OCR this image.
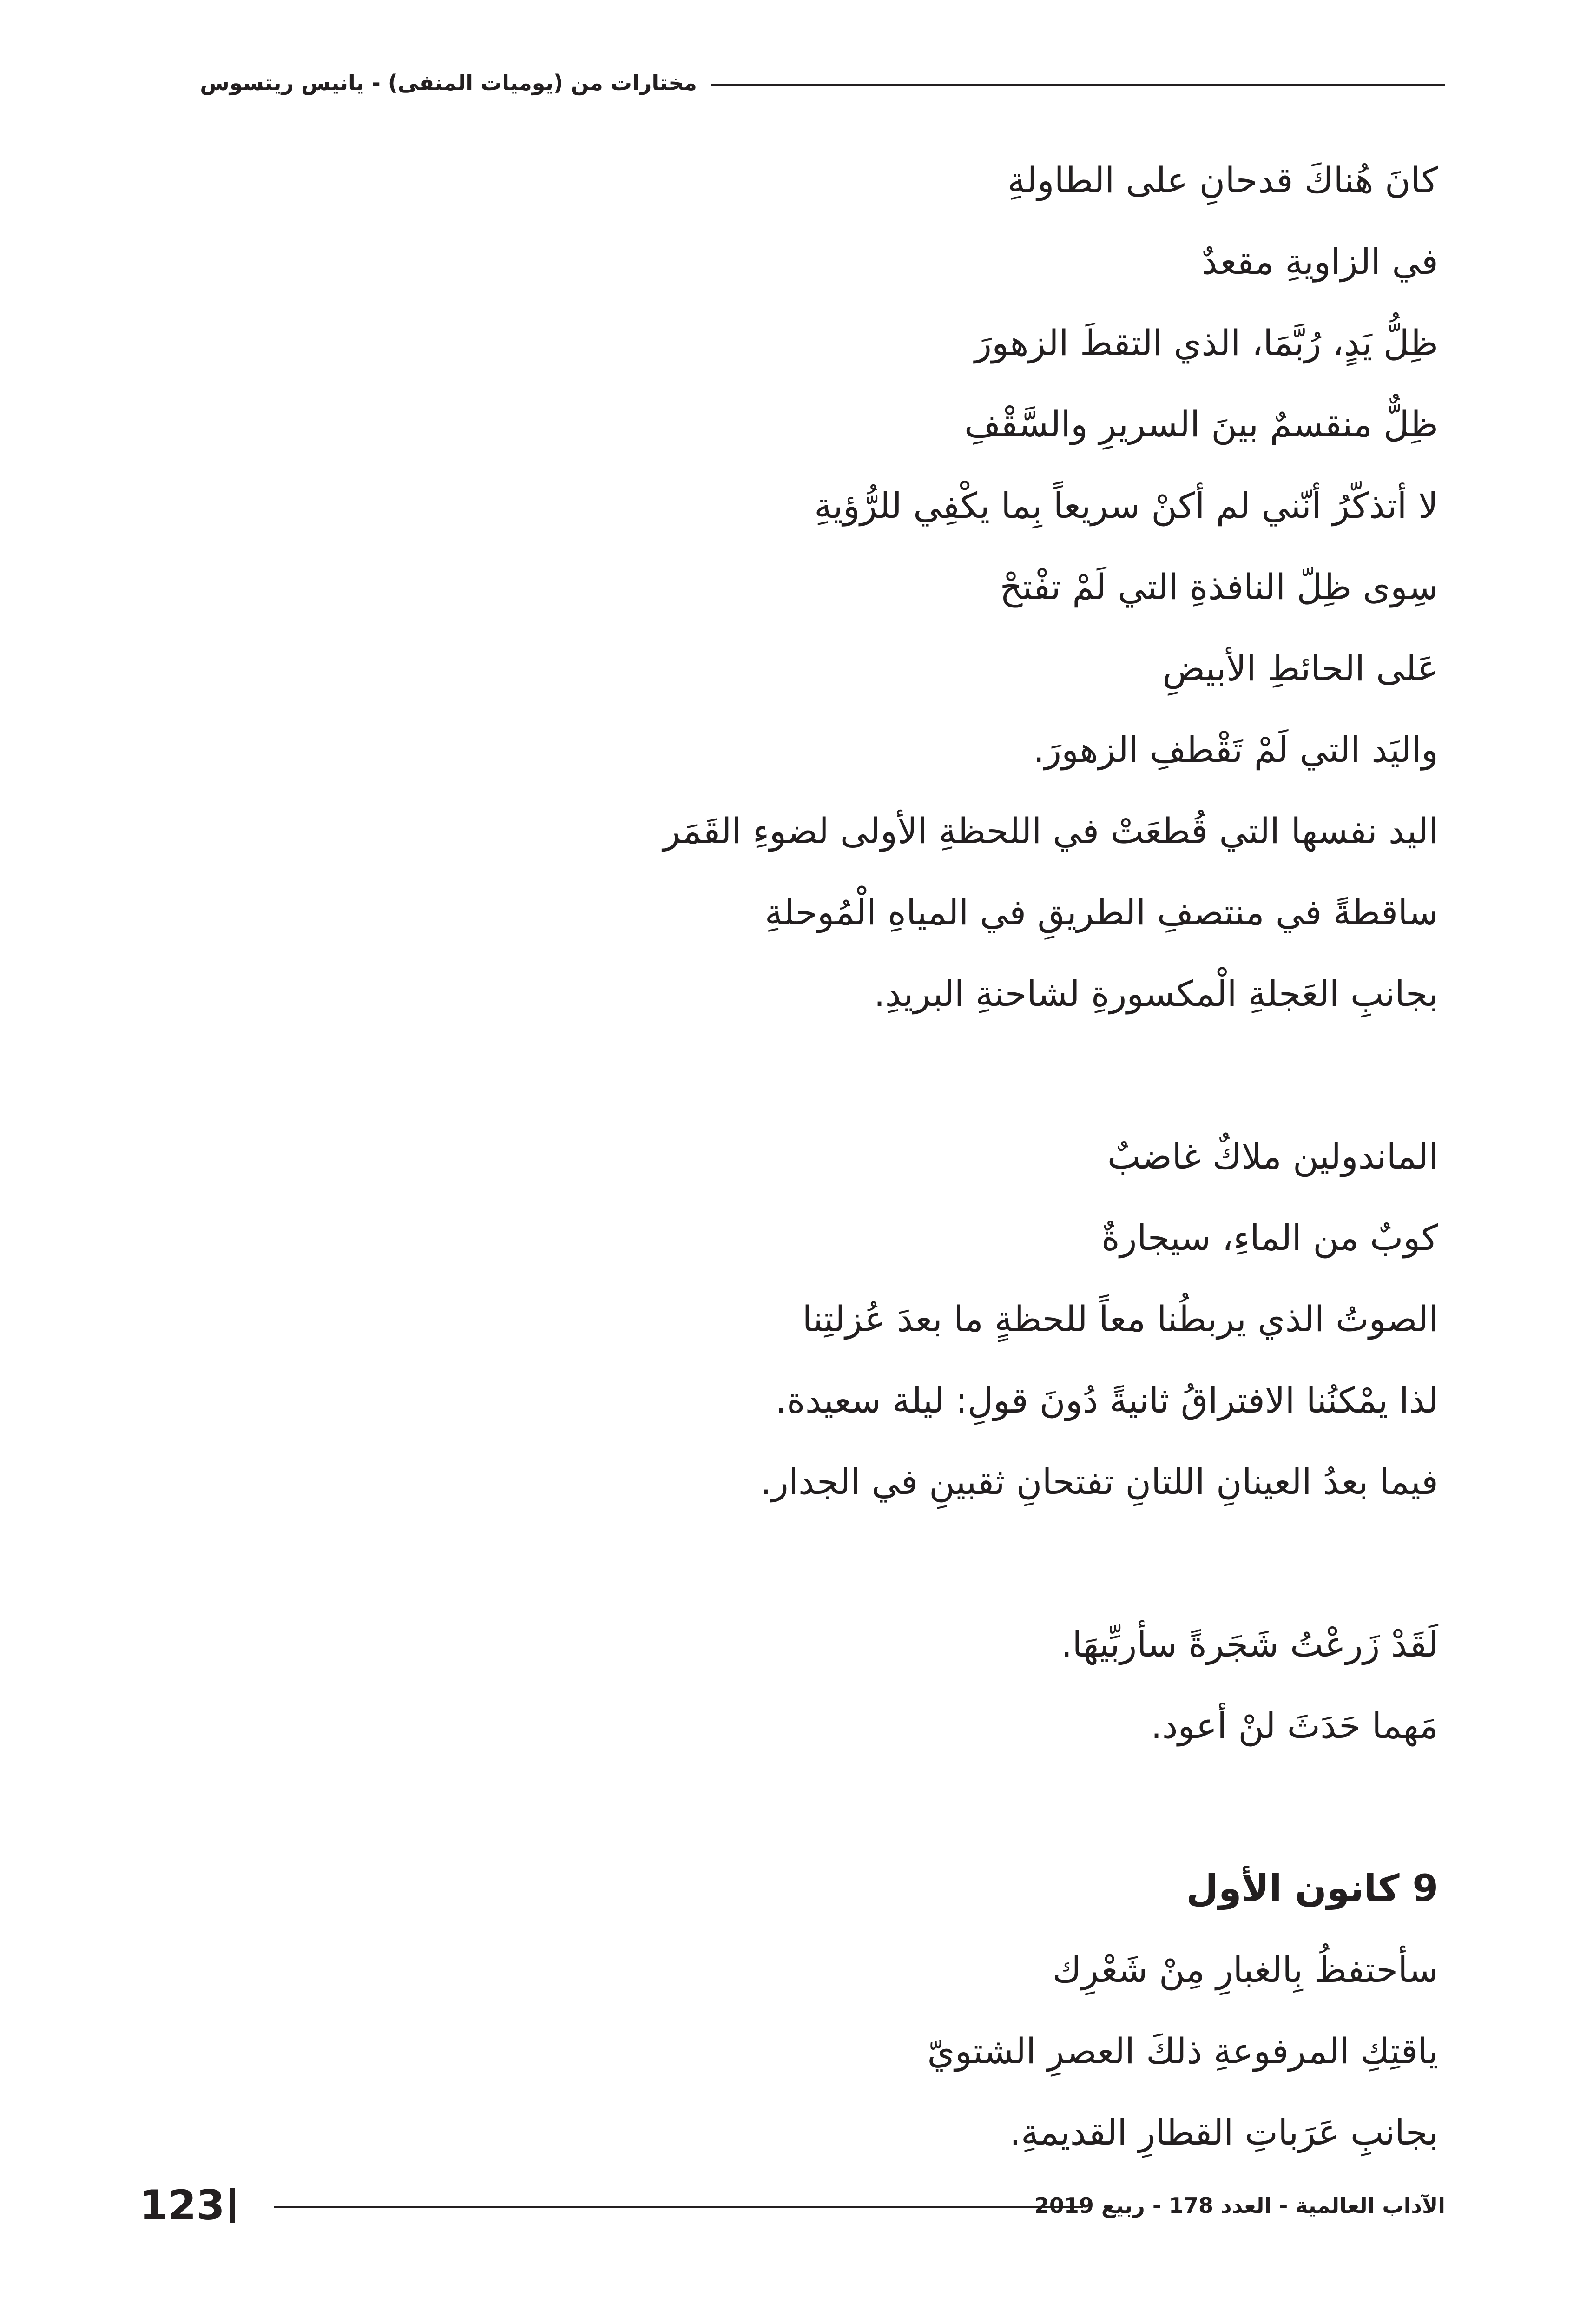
مختارات من (يوميات المنفى) - يانيس ريتسوس
كانَ هُناكَ قدحانِ على الطاولةِ
في الزاويةِ مقعدٌ
ظِلُّ يَدٍ، رُبَّمَا، الذي التقطَ الزهورَ
ظِلٌّ منقسمٌ بينَ السريرِ والسَّقْفِ
لا أتذكّرُ أنّني لم أكنْ سريعاً بِما يكْفِي للرُّؤيةِ
سِوى ظِلّ النافذةِ التي لَمْ تفْتحْ
عَلى الحائطِ الأبيضِ
واليَد التي لَمْ تَقْطفِ الزهورَ.
اليد نفسها التي قُطعَتْ في اللحظةِ الأولى لضوءِ القَمَر
ساقطةً في منتصفِ الطريقِ في المياهِ الْمُوحلةِ
بجانبِ العَجلةِ الْمكسورةِ لشاحنةِ البريدِ.
الماندولين ملاكٌ غاضبٌ
كوبٌ من الماءِ، سيجارةٌ
الصوتُ الذي يربطُنا معاً للحظةٍ ما بعدَ عُزلتِنا
لذا يمْكنُنا الافتراقُ ثانيةً دُونَ قولِ: ليلة سعيدة.
فيما بعدُ العينانِ اللتانِ تفتحانِ ثقبينِ في الجدار.
لَقَدْ زَرعْتُ شَجَرةً سأربِّيهَا.
مَهما حَدَثَ لنْ أعود.
9 كانون الأول
سأحتفظُ بِالغبارِ مِنْ شَعْرِك
ياقتِكِ المرفوعةِ ذلكَ العصرِ الشتويّ
بجانبِ عَرَباتِ القطارِ القديمةِ.
123	الآداب العالمية - العدد 178 - ربيع 2019
